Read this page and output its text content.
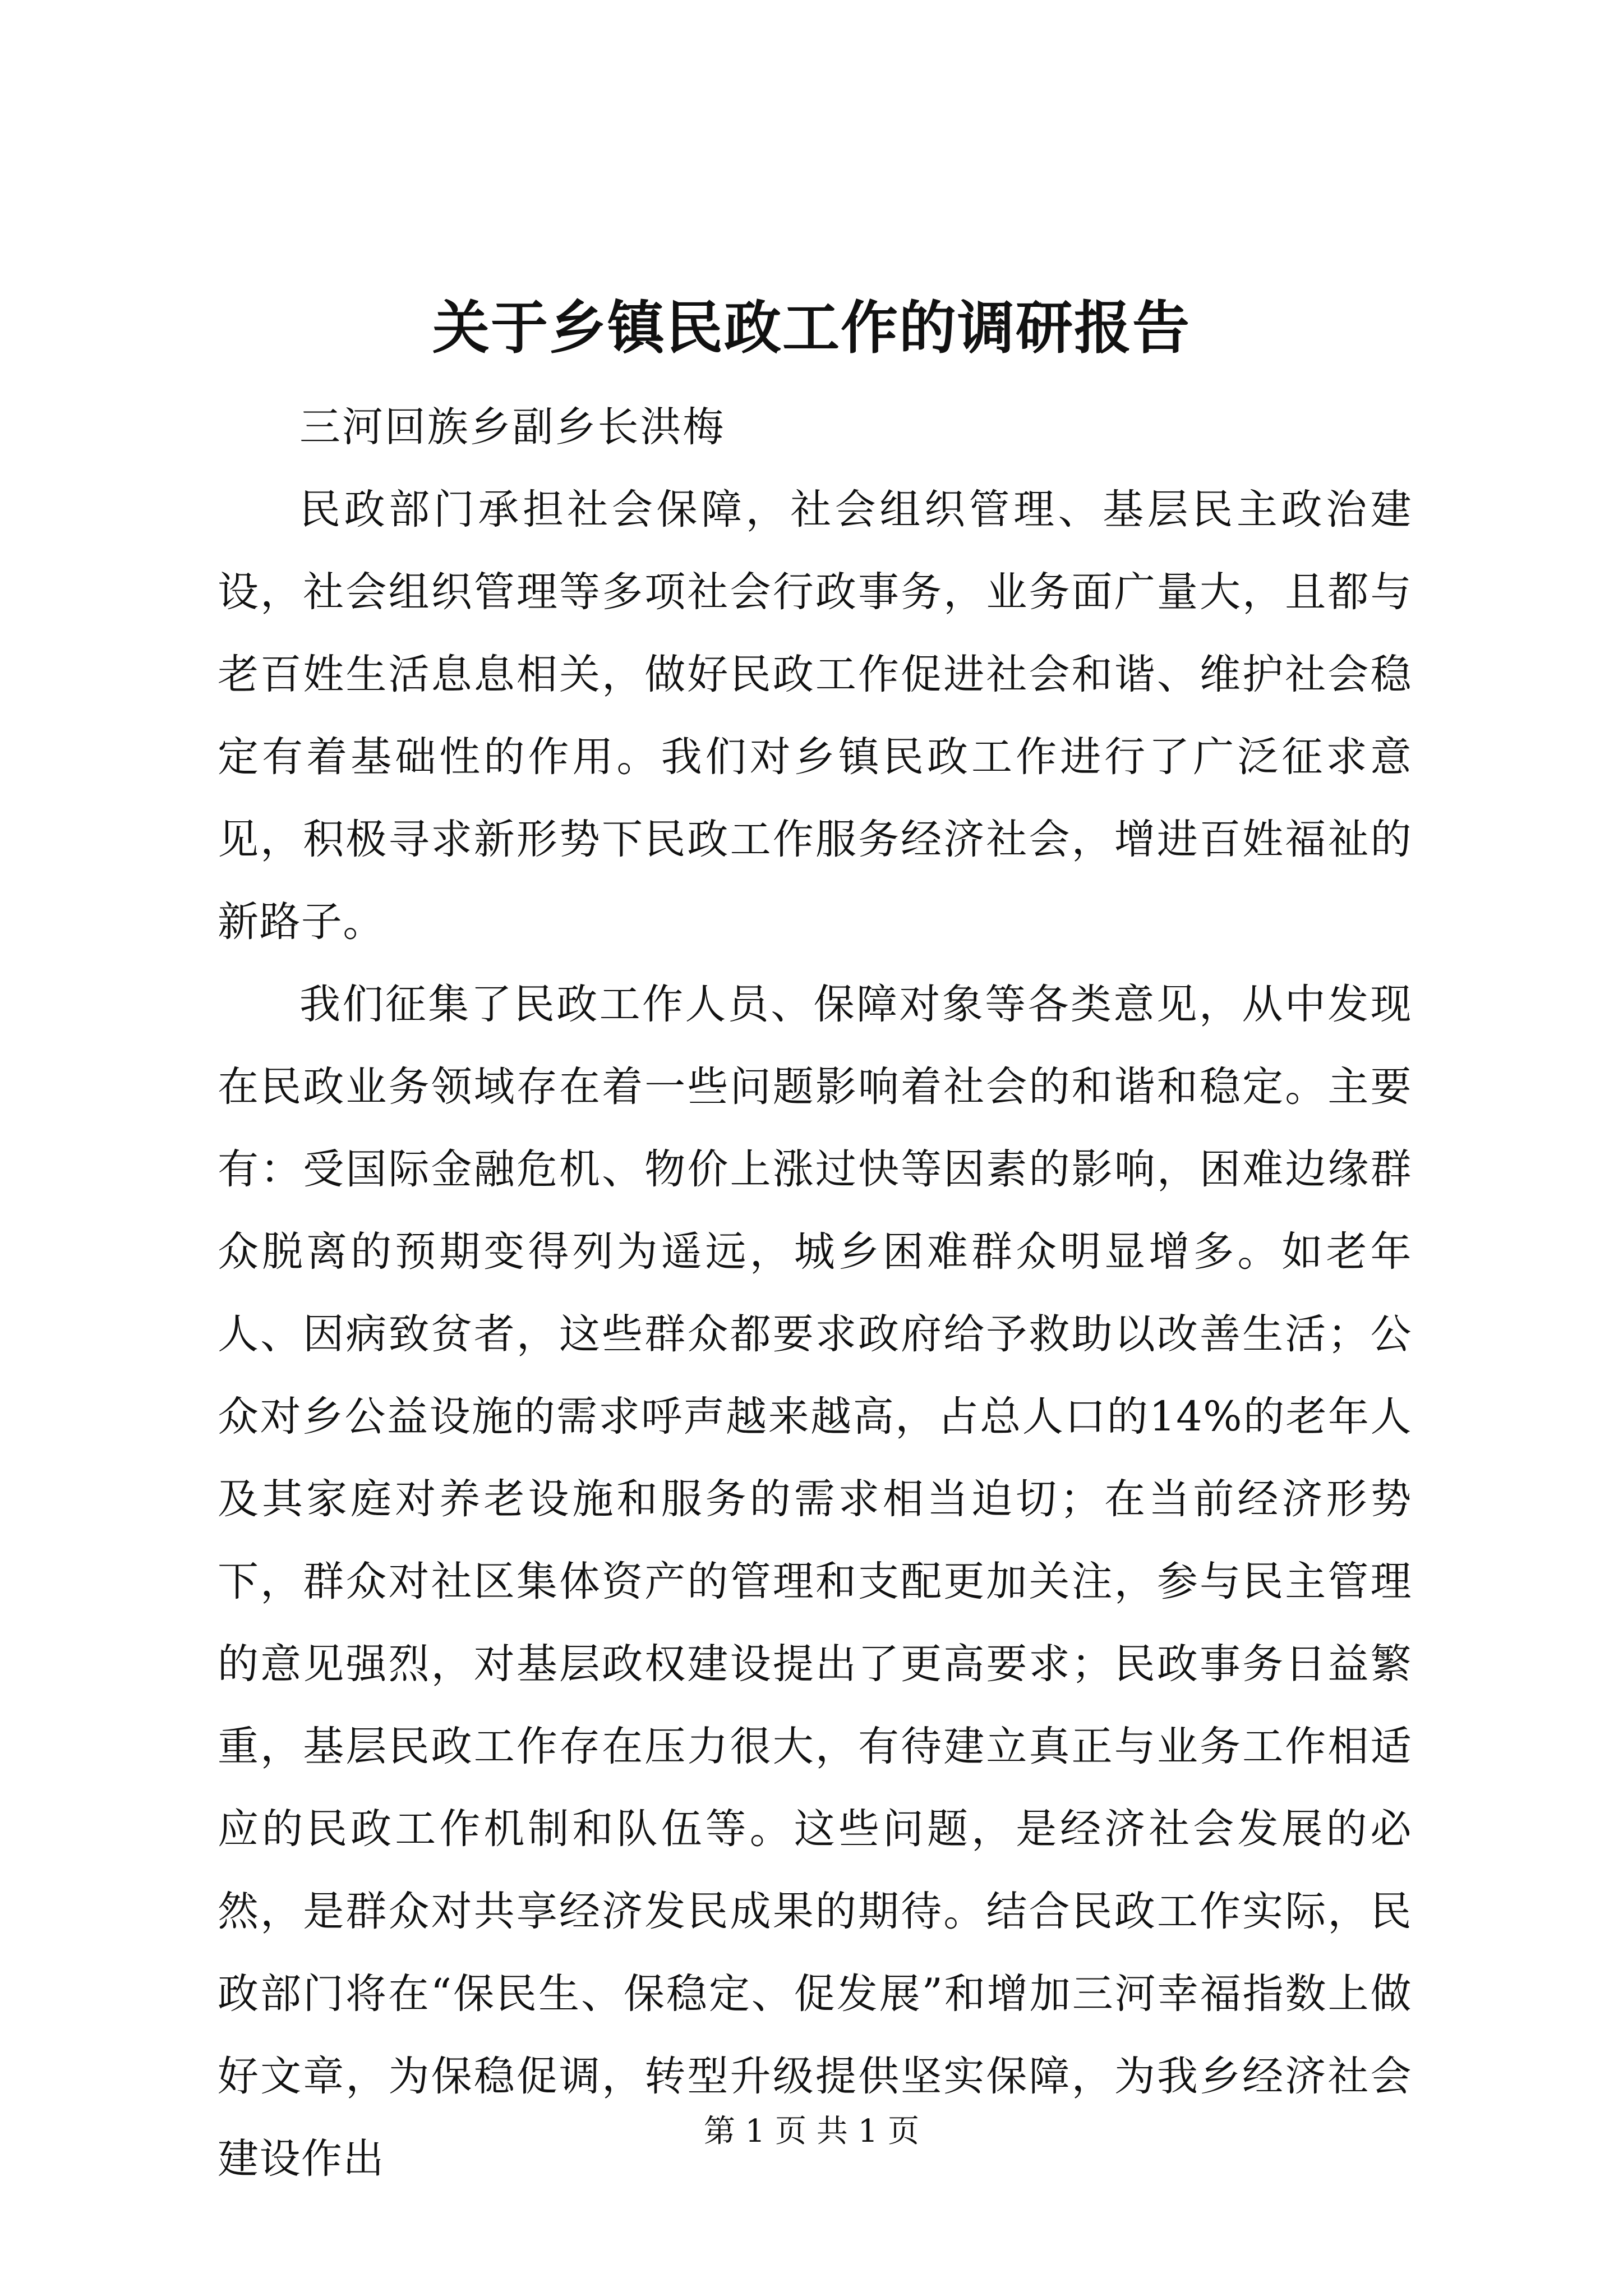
关于乡镇民政工作的调研报告
三河回族乡副乡长洪梅

民政部门承担社会保障，社会组织管理、基层民主政治建设，社会组织管理等多项社会行政事务，业务面广量大，且都与老百姓生活息息相关，做好民政工作促进社会和谐、维护社会稳定有着基础性的作用。我们对乡镇民政工作进行了广泛征求意见，积极寻求新形势下民政工作服务经济社会，增进百姓福祉的新路子。

我们征集了民政工作人员、保障对象等各类意见，从中发现在民政业务领域存在着一些问题影响着社会的和谐和稳定。主要有：受国际金融危机、物价上涨过快等因素的影响，困难边缘群众脱离的预期变得列为遥远，城乡困难群众明显增多。如老年人、因病致贫者，这些群众都要求政府给予救助以改善生活；公众对乡公益设施的需求呼声越来越高，占总人口的14%的老年人及其家庭对养老设施和服务的需求相当迫切；在当前经济形势下，群众对社区集体资产的管理和支配更加关注，参与民主管理的意见强烈，对基层政权建设提出了更高要求；民政事务日益繁重，基层民政工作存在压力很大，有待建立真正与业务工作相适应的民政工作机制和队伍等。这些问题，是经济社会发展的必然，是群众对共享经济发民成果的期待。结合民政工作实际，民政部门将在“保民生、保稳定、促发展”和增加三河幸福指数上做好文章，为保稳促调，转型升级提供坚实保障，为我乡经济社会建设作出

第 1 页 共 1 页
